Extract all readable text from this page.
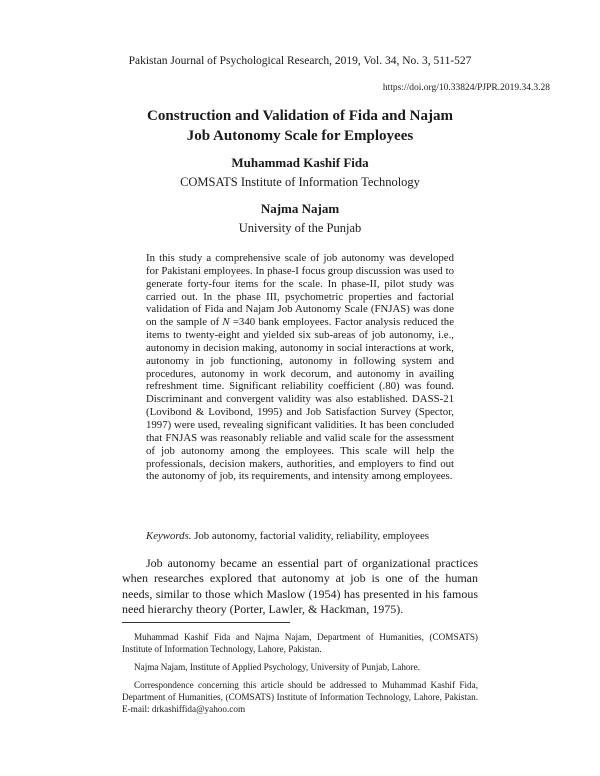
Pakistan Journal of Psychological Research, 2019, Vol. 34, No. 3, 511-527
https://doi.org/10.33824/PJPR.2019.34.3.28
Construction and Validation of Fida and Najam
Job Autonomy Scale for Employees
Muhammad Kashif Fida
COMSATS Institute of Information Technology
Najma Najam
University of the Punjab
In this study a comprehensive scale of job autonomy was developed for Pakistani employees. In phase-I focus group discussion was used to generate forty-four items for the scale. In phase-II, pilot study was carried out. In the phase III, psychometric properties and factorial validation of Fida and Najam Job Autonomy Scale (FNJAS) was done on the sample of N =340 bank employees. Factor analysis reduced the items to twenty-eight and yielded six sub-areas of job autonomy, i.e., autonomy in decision making, autonomy in social interactions at work, autonomy in job functioning, autonomy in following system and procedures, autonomy in work decorum, and autonomy in availing refreshment time. Significant reliability coefficient (.80) was found. Discriminant and convergent validity was also established. DASS-21 (Lovibond & Lovibond, 1995) and Job Satisfaction Survey (Spector, 1997) were used, revealing significant validities. It has been concluded that FNJAS was reasonably reliable and valid scale for the assessment of job autonomy among the employees. This scale will help the professionals, decision makers, authorities, and employers to find out the autonomy of job, its requirements, and intensity among employees.
Keywords. Job autonomy, factorial validity, reliability, employees
Job autonomy became an essential part of organizational practices when researches explored that autonomy at job is one of the human needs, similar to those which Maslow (1954) has presented in his famous need hierarchy theory (Porter, Lawler, & Hackman, 1975).
Muhammad Kashif Fida and Najma Najam, Department of Humanities, (COMSATS) Institute of Information Technology, Lahore, Pakistan.
Najma Najam, Institute of Applied Psychology, University of Punjab, Lahore.
Correspondence concerning this article should be addressed to Muhammad Kashif Fida, Department of Humanities, (COMSATS) Institute of Information Technology, Lahore, Pakistan. E-mail: drkashiffida@yahoo.com
